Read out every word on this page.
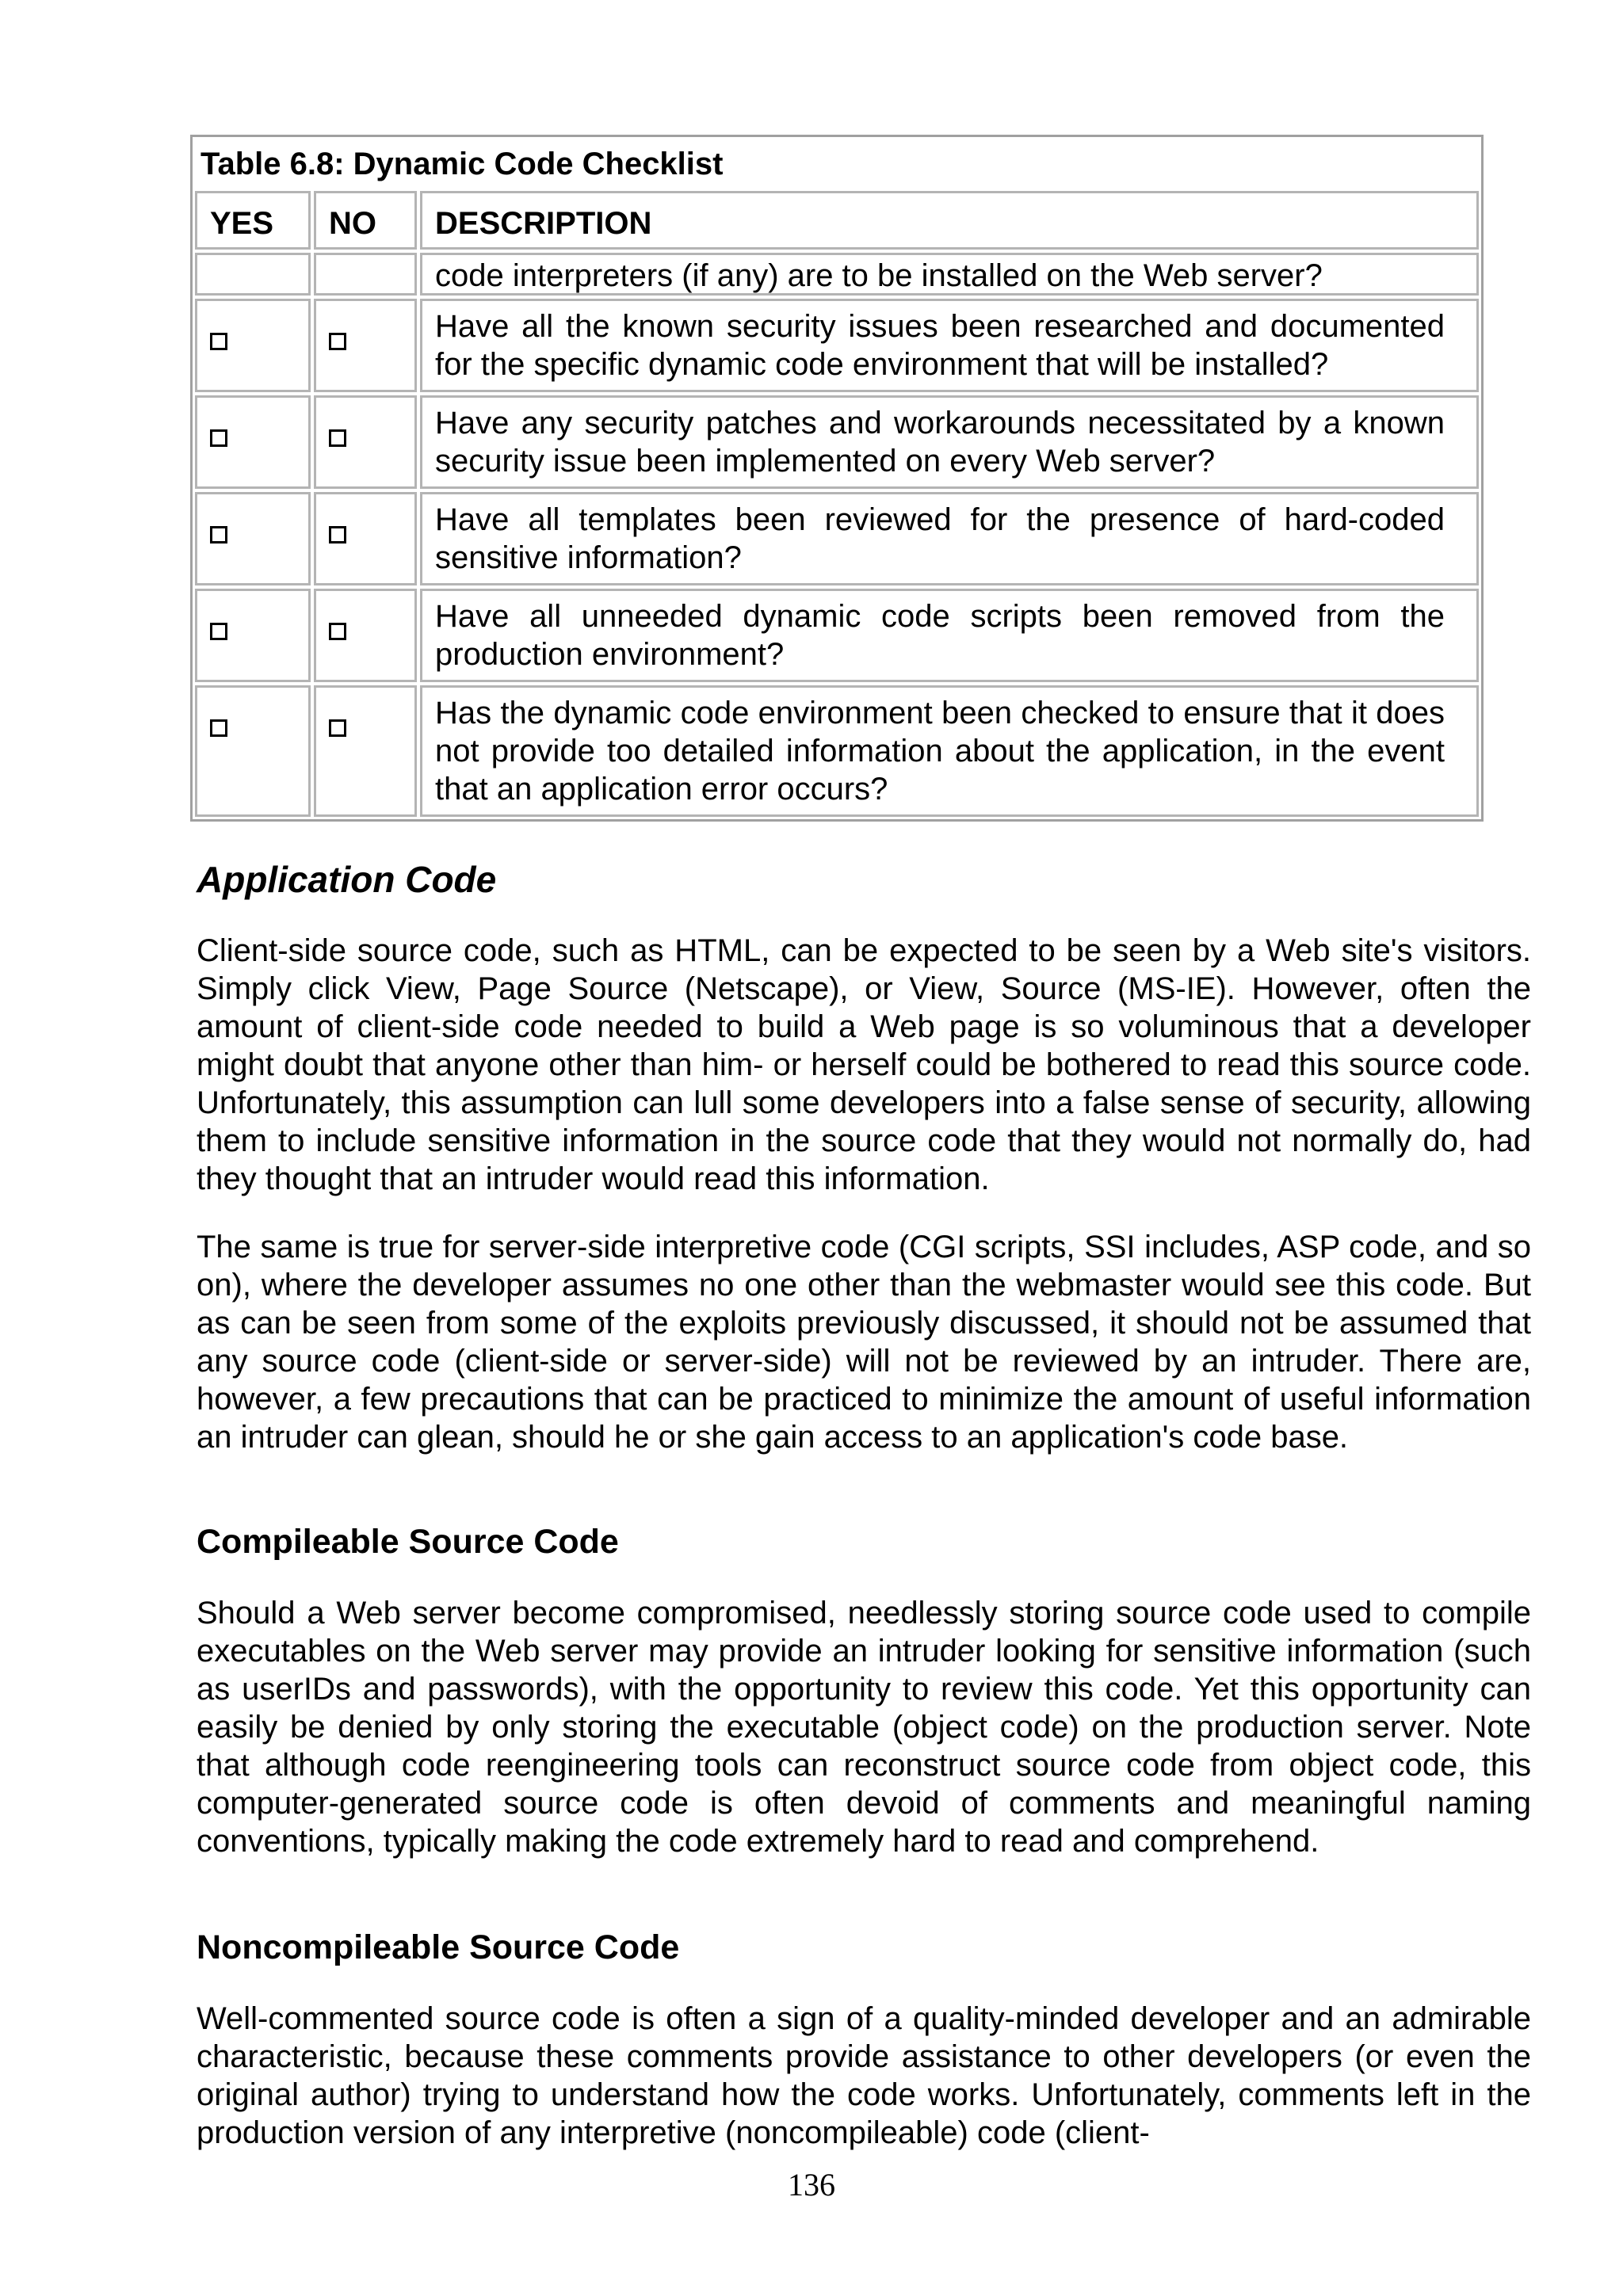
Table 6.8: Dynamic Code Checklist
YES	NO	DESCRIPTION
code interpreters (if any) are to be installed on the Web server?
Have all the known security issues been researched and documented for the specific dynamic code environment that will be installed?
Have any security patches and workarounds necessitated by a known security issue been implemented on every Web server?
Have all templates been reviewed for the presence of hard-coded sensitive information?
Have all unneeded dynamic code scripts been removed from the production environment?
Has the dynamic code environment been checked to ensure that it does not provide too detailed information about the application, in the event that an application error occurs?
Application Code

Client-side source code, such as HTML, can be expected to be seen by a Web site's visitors. Simply click View, Page Source (Netscape), or View, Source (MS-IE). However, often the amount of client-side code needed to build a Web page is so voluminous that a developer might doubt that anyone other than him- or herself could be bothered to read this source code. Unfortunately, this assumption can lull some developers into a false sense of security, allowing them to include sensitive information in the source code that they would not normally do, had they thought that an intruder would read this information.

The same is true for server-side interpretive code (CGI scripts, SSI includes, ASP code, and so on), where the developer assumes no one other than the webmaster would see this code. But as can be seen from some of the exploits previously discussed, it should not be assumed that any source code (client-side or server-side) will not be reviewed by an intruder. There are, however, a few precautions that can be practiced to minimize the amount of useful information an intruder can glean, should he or she gain access to an application's code base.

Compileable Source Code

Should a Web server become compromised, needlessly storing source code used to compile executables on the Web server may provide an intruder looking for sensitive information (such as userIDs and passwords), with the opportunity to review this code. Yet this opportunity can easily be denied by only storing the executable (object code) on the production server. Note that although code reengineering tools can reconstruct source code from object code, this computer-generated source code is often devoid of comments and meaningful naming conventions, typically making the code extremely hard to read and comprehend.

Noncompileable Source Code

Well-commented source code is often a sign of a quality-minded developer and an admirable characteristic, because these comments provide assistance to other developers (or even the original author) trying to understand how the code works. Unfortunately, comments left in the production version of any interpretive (noncompileable) code (client-

136
